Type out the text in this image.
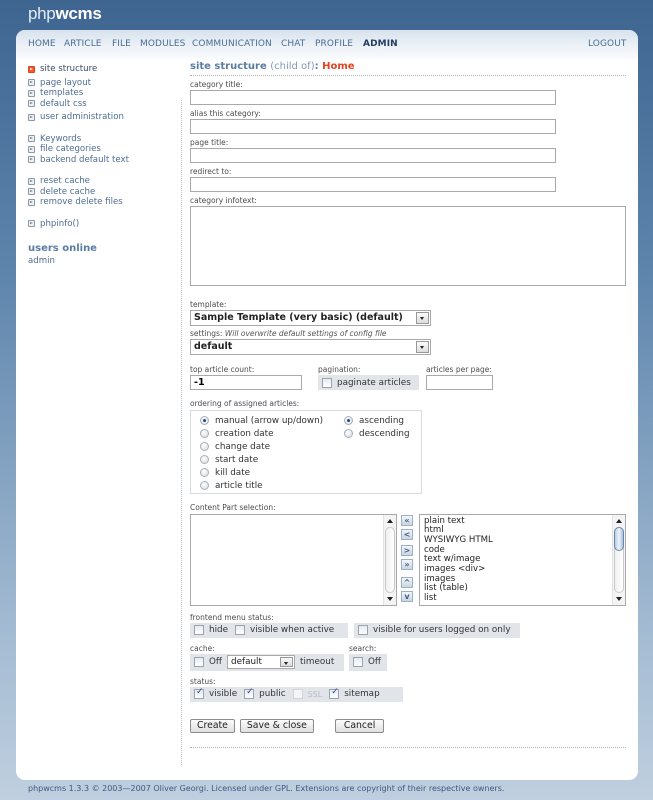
phpwcms
HOME ARTICLE FILE MODULES COMMUNICATION CHAT PROFILE ADMIN	LOGOUT
site structure
page layout
templates
default css
user administration
Keywords
file categories
backend default text
reset cache
delete cache
remove delete files
phpinfo()
users online
admin
site structure (child of): Home
category title:
alias this category:
page title:
redirect to:
category infotext:
template:
Sample Template (very basic) (default)
settings: Will overwrite default settings of config file
default
top article count:
-1	pagination:
paginate articles
articles per page:
ordering of assigned articles:
manual (arrow up/down)
creation date
change date
start date
kill date
article title
ascending
descending
Content Part selection:
«
<
>
»
^
v
plain text
html
WYSIWYG HTML
code
text w/image
images <div>
images
list (table)
list
frontend menu status:
hide	visible when active	visible for users logged on only
cache:
Off	default	timeout
search:
Off
status:
✓
visible ✓	public	SSL ✓	sitemap
Create	Save & close	Cancel
phpwcms 1.3.3 © 2003—2007 Oliver Georgi. Licensed under GPL. Extensions are copyright of their respective owners.
